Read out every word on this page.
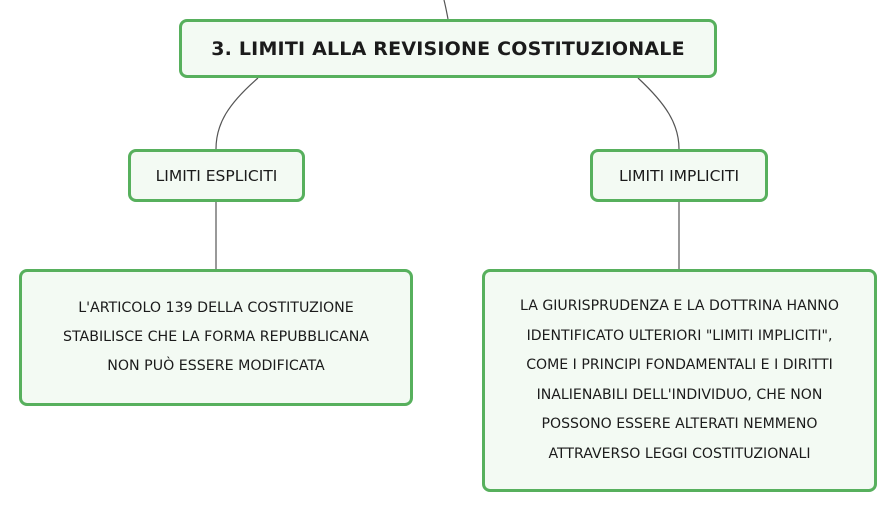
3. LIMITI ALLA REVISIONE COSTITUZIONALE
LIMITI ESPLICITI	LIMITI IMPLICITI
L'ARTICOLO 139 DELLA COSTITUZIONE
STABILISCE CHE LA FORMA REPUBBLICANA
NON PUÒ ESSERE MODIFICATA
LA GIURISPRUDENZA E LA DOTTRINA HANNO
IDENTIFICATO ULTERIORI "LIMITI IMPLICITI",
COME I PRINCIPI FONDAMENTALI E I DIRITTI
INALIENABILI DELL'INDIVIDUO, CHE NON
POSSONO ESSERE ALTERATI NEMMENO
ATTRAVERSO LEGGI COSTITUZIONALI
